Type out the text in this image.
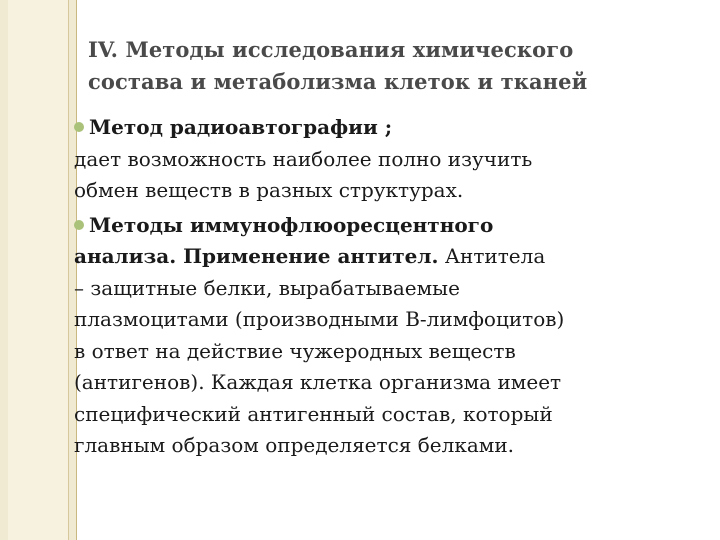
IV. Методы исследования химического
состава и метаболизма клеток и тканей
Метод радиоавтографии ;
дает возможность наиболее полно изучить
обмен веществ в разных структурах.
Методы иммунофлюоресцентного
анализа. Применение антител. Антитела
– защитные белки, вырабатываемые
плазмоцитами (производными В-лимфоцитов)
в ответ на действие чужеродных веществ
(антигенов). Каждая клетка организма имеет
специфический антигенный состав, который
главным образом определяется белками.
